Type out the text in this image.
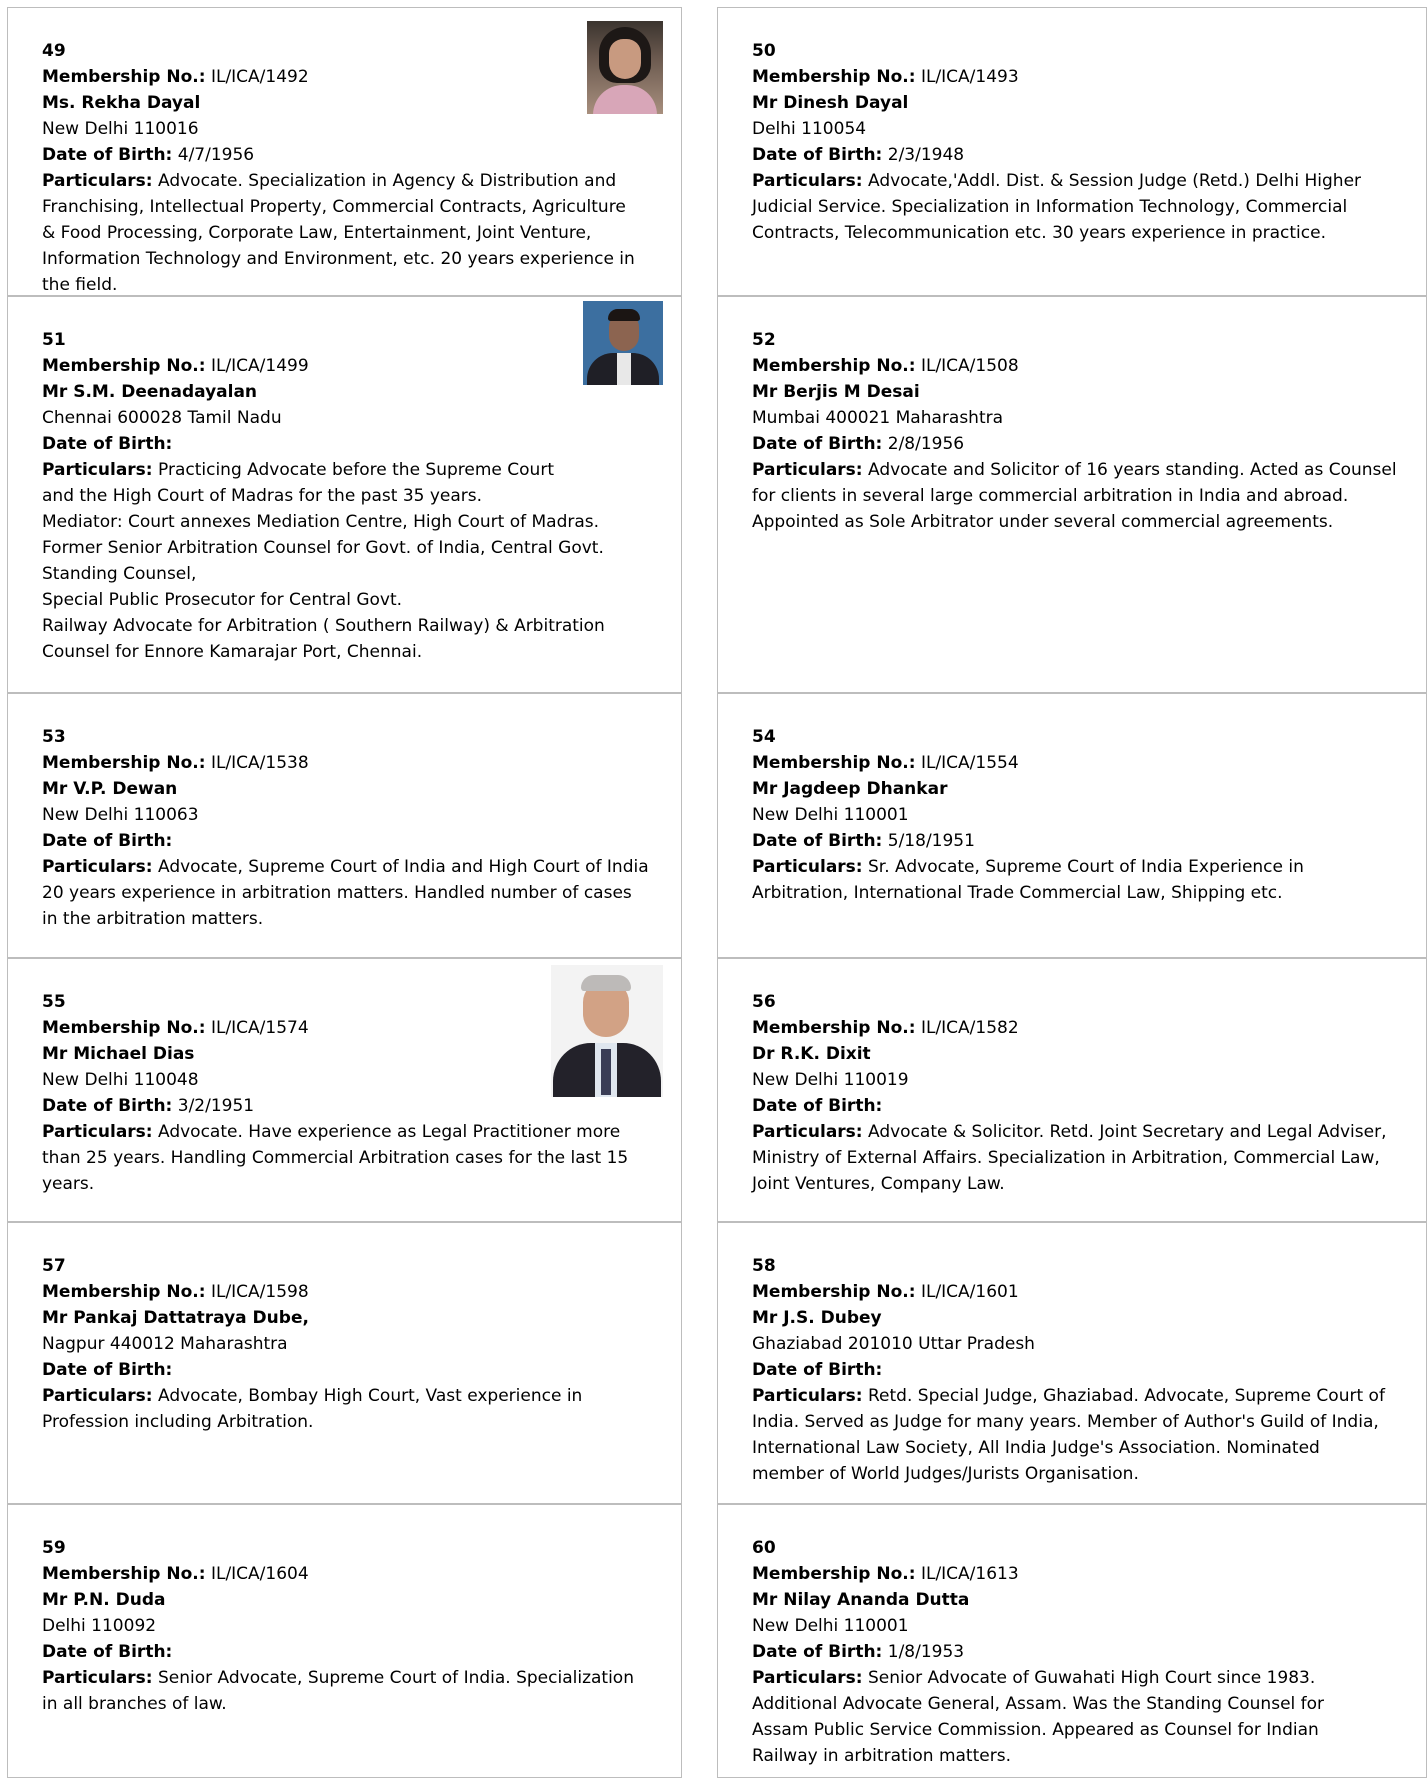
49
Membership No.: IL/ICA/1492
Ms. Rekha Dayal
New Delhi 110016
Date of Birth: 4/7/1956
Particulars: Advocate. Specialization in Agency & Distribution and
Franchising, Intellectual Property, Commercial Contracts, Agriculture
& Food Processing, Corporate Law, Entertainment, Joint Venture,
Information Technology and Environment, etc. 20 years experience in
the field.
50
Membership No.: IL/ICA/1493
Mr Dinesh Dayal
Delhi 110054
Date of Birth: 2/3/1948
Particulars: Advocate,'Addl. Dist. & Session Judge (Retd.) Delhi Higher
Judicial Service. Specialization in Information Technology, Commercial
Contracts, Telecommunication etc. 30 years experience in practice.
51
Membership No.: IL/ICA/1499
Mr S.M. Deenadayalan
Chennai 600028 Tamil Nadu
Date of Birth:
Particulars: Practicing Advocate before the Supreme Court
and the High Court of Madras for the past 35 years.
Mediator: Court annexes Mediation Centre, High Court of Madras.
Former Senior Arbitration Counsel for Govt. of India, Central Govt.
Standing Counsel,
Special Public Prosecutor for Central Govt.
Railway Advocate for Arbitration ( Southern Railway) & Arbitration
Counsel for Ennore Kamarajar Port, Chennai.
52
Membership No.: IL/ICA/1508
Mr Berjis M Desai
Mumbai 400021 Maharashtra
Date of Birth: 2/8/1956
Particulars: Advocate and Solicitor of 16 years standing. Acted as Counsel
for clients in several large commercial arbitration in India and abroad.
Appointed as Sole Arbitrator under several commercial agreements.
53
Membership No.: IL/ICA/1538
Mr V.P. Dewan
New Delhi 110063
Date of Birth:
Particulars: Advocate, Supreme Court of India and High Court of India
20 years experience in arbitration matters. Handled number of cases
in the arbitration matters.
54
Membership No.: IL/ICA/1554
Mr Jagdeep Dhankar
New Delhi 110001
Date of Birth: 5/18/1951
Particulars: Sr. Advocate, Supreme Court of India Experience in
Arbitration, International Trade Commercial Law, Shipping etc.
55
Membership No.: IL/ICA/1574
Mr Michael Dias
New Delhi 110048
Date of Birth: 3/2/1951
Particulars: Advocate. Have experience as Legal Practitioner more
than 25 years. Handling Commercial Arbitration cases for the last 15
years.
56
Membership No.: IL/ICA/1582
Dr R.K. Dixit
New Delhi 110019
Date of Birth:
Particulars: Advocate & Solicitor. Retd. Joint Secretary and Legal Adviser,
Ministry of External Affairs. Specialization in Arbitration, Commercial Law,
Joint Ventures, Company Law.
57
Membership No.: IL/ICA/1598
Mr Pankaj Dattatraya Dube,
Nagpur 440012 Maharashtra
Date of Birth:
Particulars: Advocate, Bombay High Court, Vast experience in
Profession including Arbitration.
58
Membership No.: IL/ICA/1601
Mr J.S. Dubey
Ghaziabad 201010 Uttar Pradesh
Date of Birth:
Particulars: Retd. Special Judge, Ghaziabad. Advocate, Supreme Court of
India. Served as Judge for many years. Member of Author's Guild of India,
International Law Society, All India Judge's Association. Nominated
member of World Judges/Jurists Organisation.
59
Membership No.: IL/ICA/1604
Mr P.N. Duda
Delhi 110092
Date of Birth:
Particulars: Senior Advocate, Supreme Court of India. Specialization
in all branches of law.
60
Membership No.: IL/ICA/1613
Mr Nilay Ananda Dutta
New Delhi 110001
Date of Birth: 1/8/1953
Particulars: Senior Advocate of Guwahati High Court since 1983.
Additional Advocate General, Assam. Was the Standing Counsel for
Assam Public Service Commission. Appeared as Counsel for Indian
Railway in arbitration matters.
